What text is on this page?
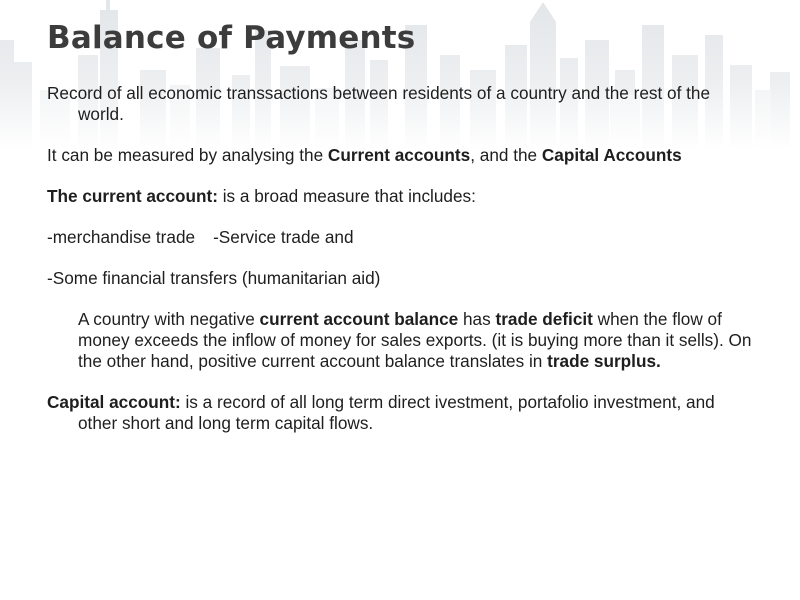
Balance of Payments

Record of all economic transsactions between residents of a country and the rest of the world.

It can be measured by analysing the Current accounts, and the Capital Accounts

The current account: is a broad measure that includes:

-merchandise trade -Service trade and

-Some financial transfers (humanitarian aid)

A country with negative current account balance has trade deficit when the flow of money exceeds the inflow of money for sales exports. (it is buying more than it sells). On the other hand, positive current account balance translates in trade surplus.

Capital account: is a record of all long term direct ivestment, portafolio investment, and other short and long term capital flows.
